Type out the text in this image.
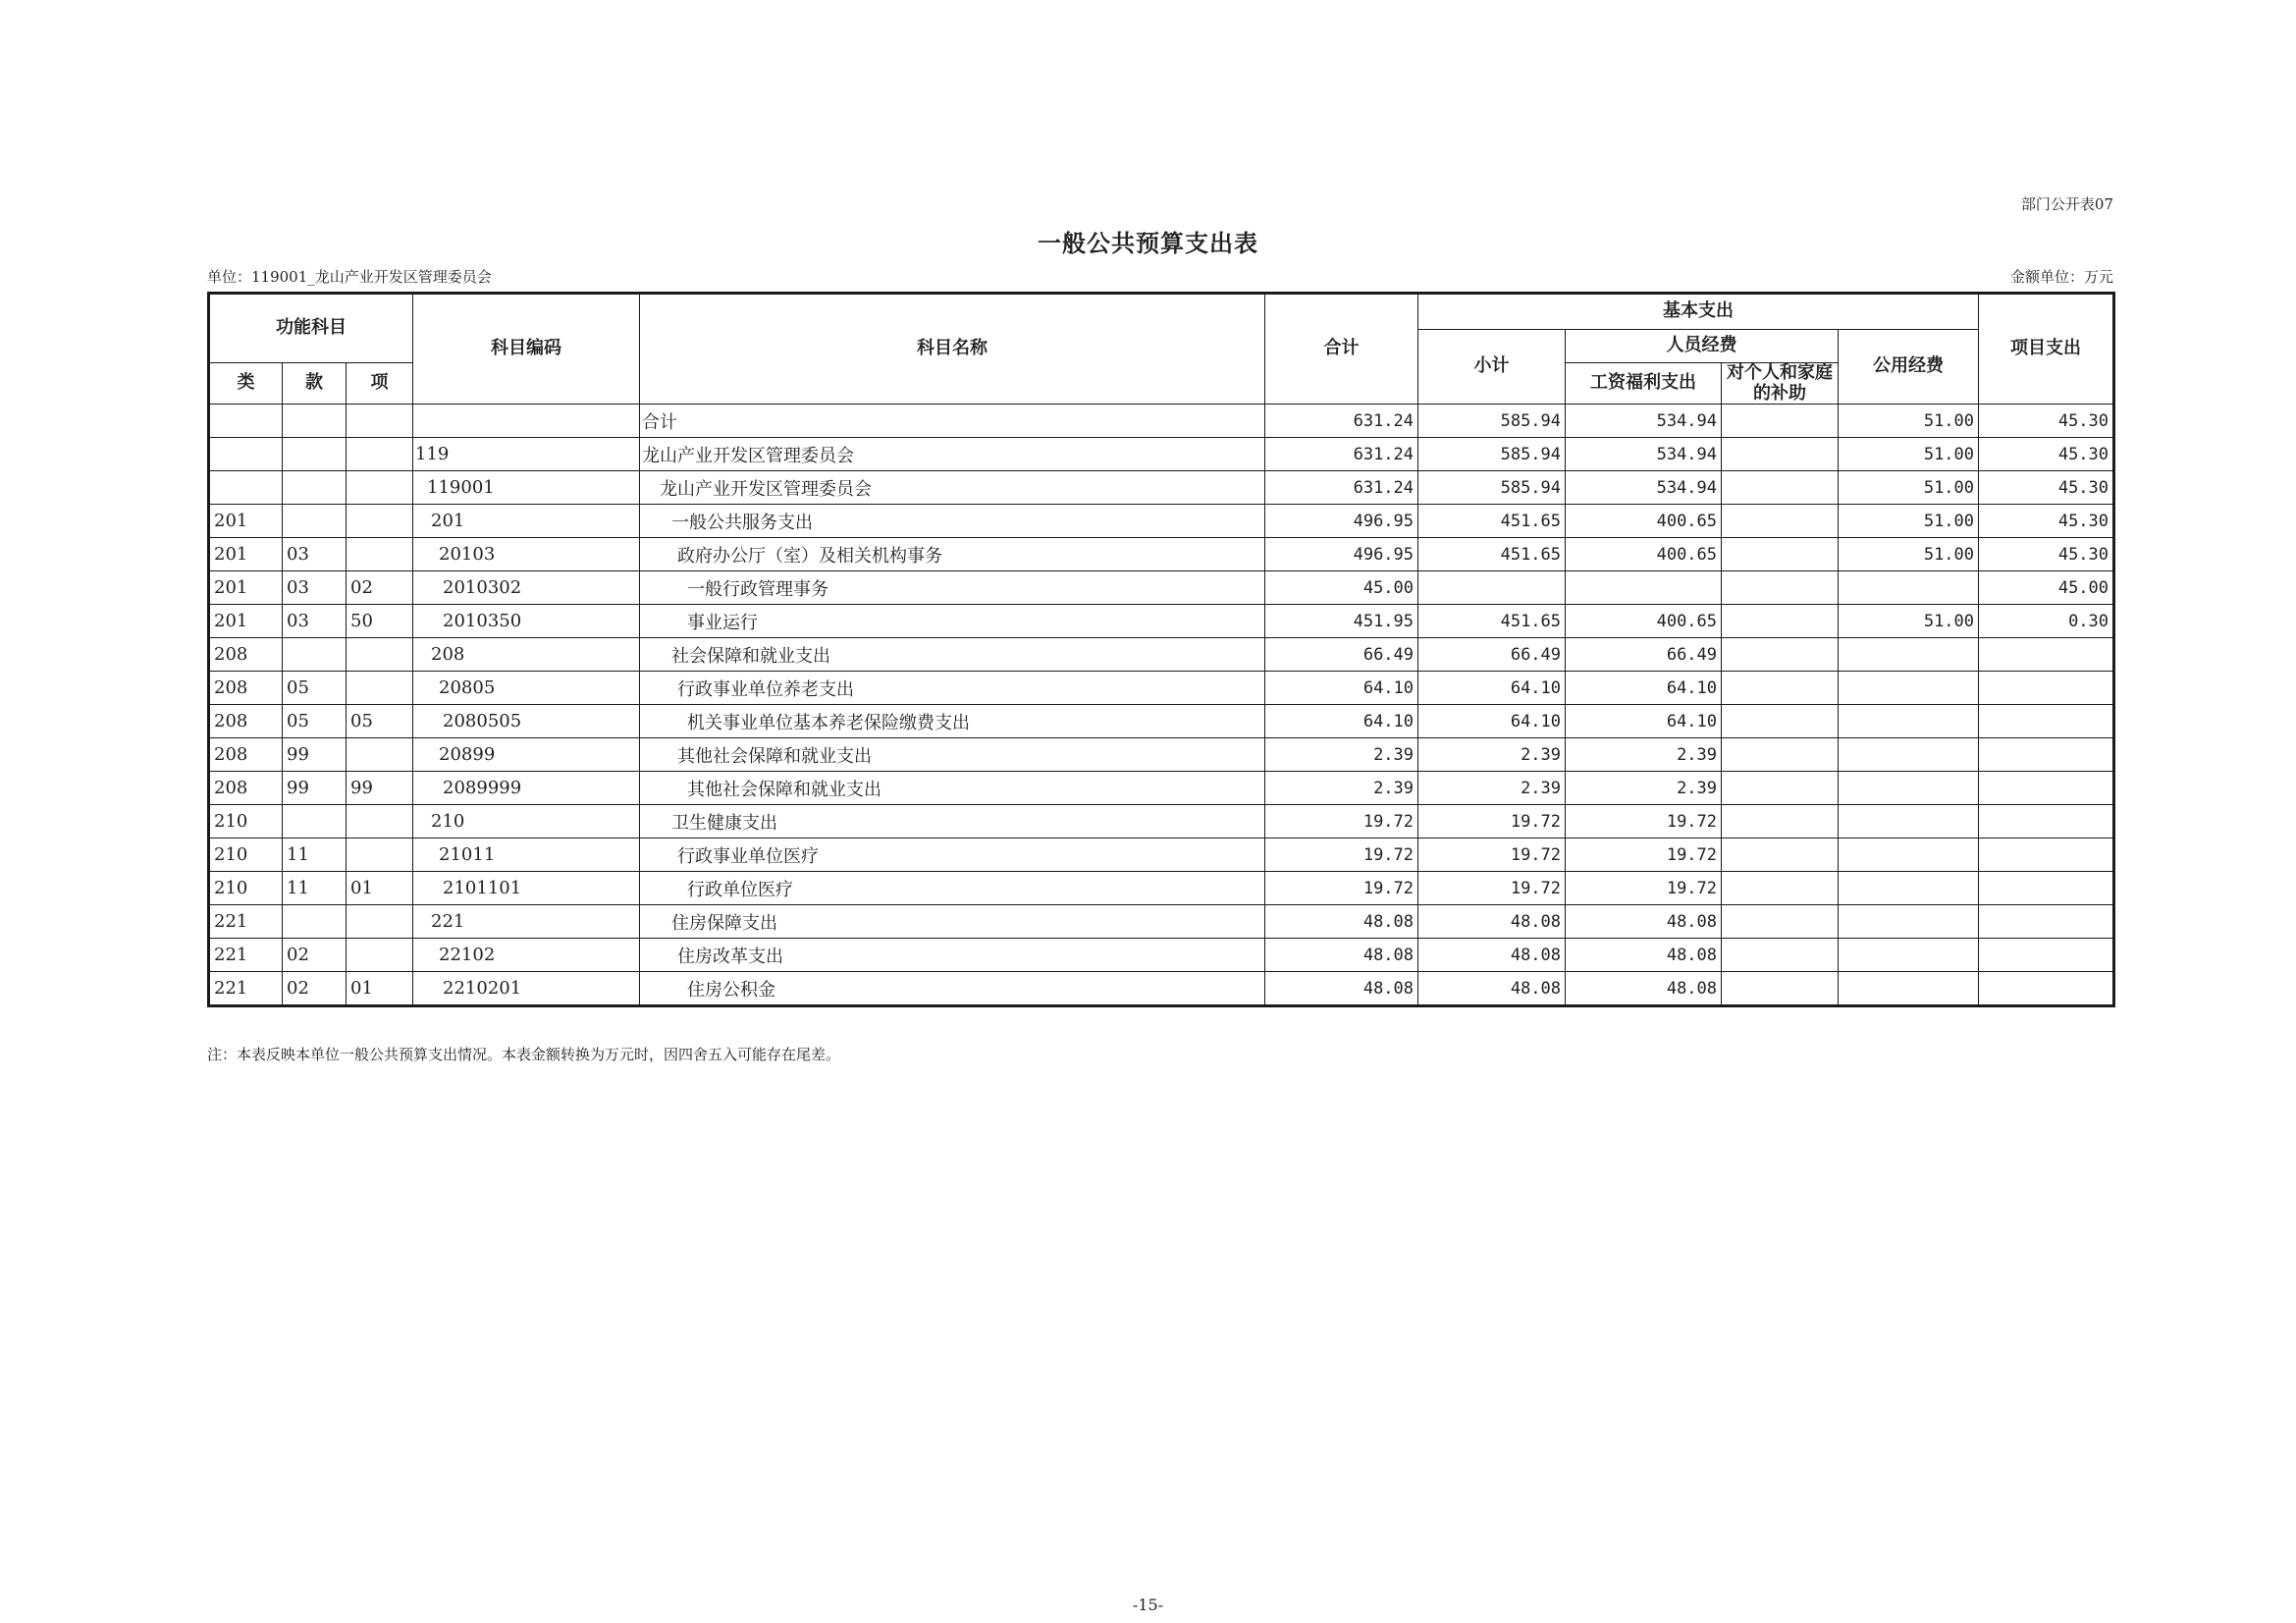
部门公开表07
一般公共预算支出表
单位：119001_龙山产业开发区管理委员会	金额单位：万元
功能科目			科目编码	科目名称	合计	基本支出				项目支出
						小计	人员经费		公用经费	
类	款	项					工资福利支出	对个人和家庭的补助		
				合计	631.24	585.94	534.94		51.00	45.30
			119	龙山产业开发区管理委员会	631.24	585.94	534.94		51.00	45.30
			119001	龙山产业开发区管理委员会	631.24	585.94	534.94		51.00	45.30
201			201	一般公共服务支出	496.95	451.65	400.65		51.00	45.30
201	03		20103	政府办公厅（室）及相关机构事务	496.95	451.65	400.65		51.00	45.30
201	03	02	2010302	一般行政管理事务	45.00					45.00
201	03	50	2010350	事业运行	451.95	451.65	400.65		51.00	0.30
208			208	社会保障和就业支出	66.49	66.49	66.49			
208	05		20805	行政事业单位养老支出	64.10	64.10	64.10			
208	05	05	2080505	机关事业单位基本养老保险缴费支出	64.10	64.10	64.10			
208	99		20899	其他社会保障和就业支出	2.39	2.39	2.39			
208	99	99	2089999	其他社会保障和就业支出	2.39	2.39	2.39			
210			210	卫生健康支出	19.72	19.72	19.72			
210	11		21011	行政事业单位医疗	19.72	19.72	19.72			
210	11	01	2101101	行政单位医疗	19.72	19.72	19.72			
221			221	住房保障支出	48.08	48.08	48.08			
221	02		22102	住房改革支出	48.08	48.08	48.08			
221	02	01	2210201	住房公积金	48.08	48.08	48.08			
注：本表反映本单位一般公共预算支出情况。本表金额转换为万元时，因四舍五入可能存在尾差。
-15-
